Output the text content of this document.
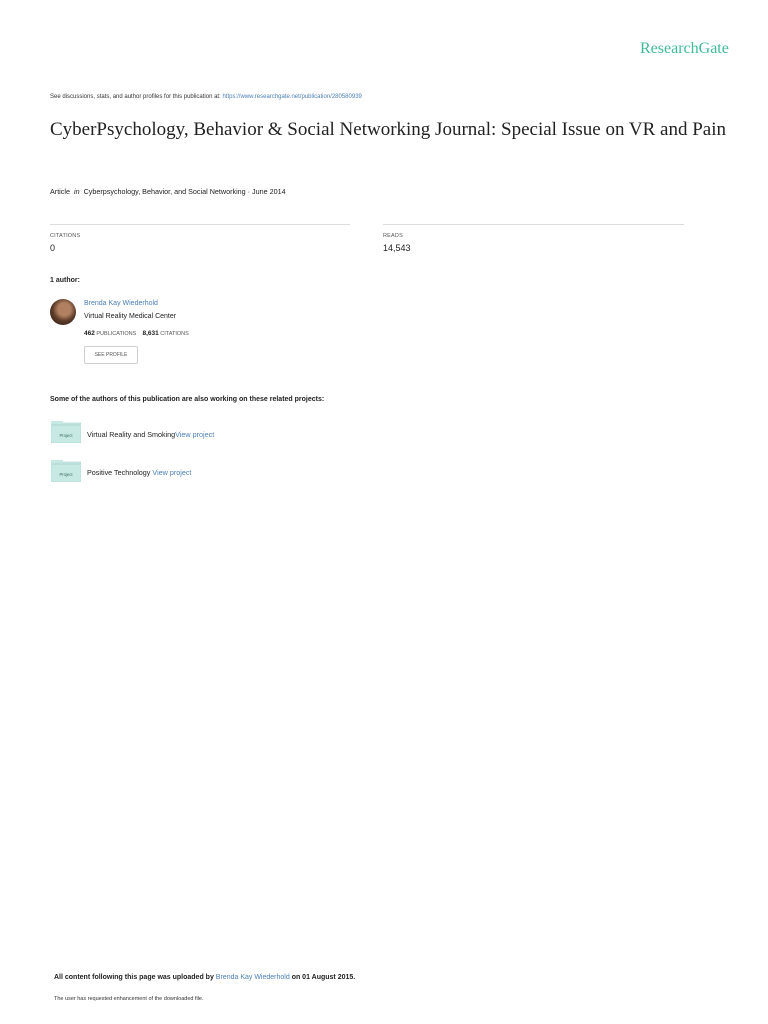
ResearchGate
See discussions, stats, and author profiles for this publication at: https://www.researchgate.net/publication/280580939
CyberPsychology, Behavior & Social Networking Journal: Special Issue on VR and Pain
Article in Cyberpsychology, Behavior, and Social Networking · June 2014
CITATIONS
0
READS
14,543
1 author:
Brenda Kay Wiederhold
Virtual Reality Medical Center
462 PUBLICATIONS 8,631 CITATIONS
SEE PROFILE
Some of the authors of this publication are also working on these related projects:
Project Virtual Reality and SmokingView project
Project Positive Technology View project
All content following this page was uploaded by Brenda Kay Wiederhold on 01 August 2015.
The user has requested enhancement of the downloaded file.
